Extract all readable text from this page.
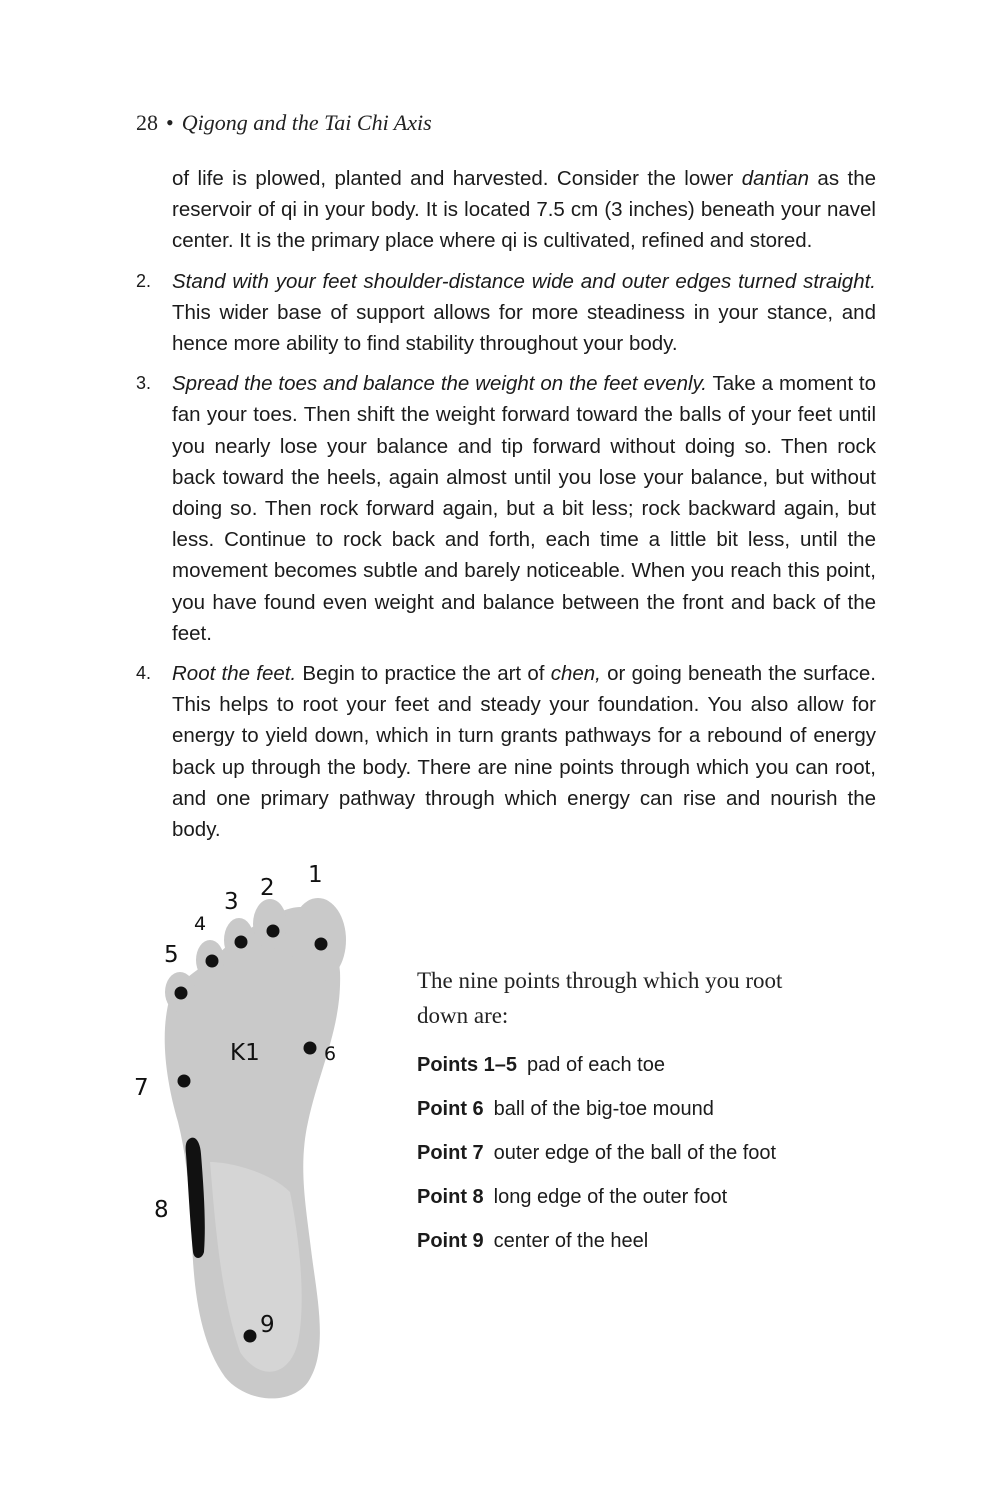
28 • Qigong and the Tai Chi Axis

of life is plowed, planted and harvested. Consider the lower dantian as the reservoir of qi in your body. It is located 7.5 cm (3 inches) beneath your navel center. It is the primary place where qi is cultivated, refined and stored.

2. Stand with your feet shoulder-distance wide and outer edges turned straight. This wider base of support allows for more steadiness in your stance, and hence more ability to find stability throughout your body.
3. Spread the toes and balance the weight on the feet evenly. Take a moment to fan your toes. Then shift the weight forward toward the balls of your feet until you nearly lose your balance and tip forward without doing so. Then rock back toward the heels, again almost until you lose your balance, but without doing so. Then rock forward again, but a bit less; rock backward again, but less. Continue to rock back and forth, each time a little bit less, until the movement becomes subtle and barely noticeable. When you reach this point, you have found even weight and balance between the front and back of the feet.
4. Root the feet. Begin to practice the art of chen, or going beneath the surface. This helps to root your feet and steady your foundation. You also allow for energy to yield down, which in turn grants pathways for a rebound of energy back up through the body. There are nine points through which you can root, and one primary pathway through which energy can rise and nourish the body.
1
2
3
4
5
6
7
8
9
K1

The nine points through which you root down are:

Points 1–5 pad of each toe
Point 6 ball of the big-toe mound
Point 7 outer edge of the ball of the foot
Point 8 long edge of the outer foot
Point 9 center of the heel
